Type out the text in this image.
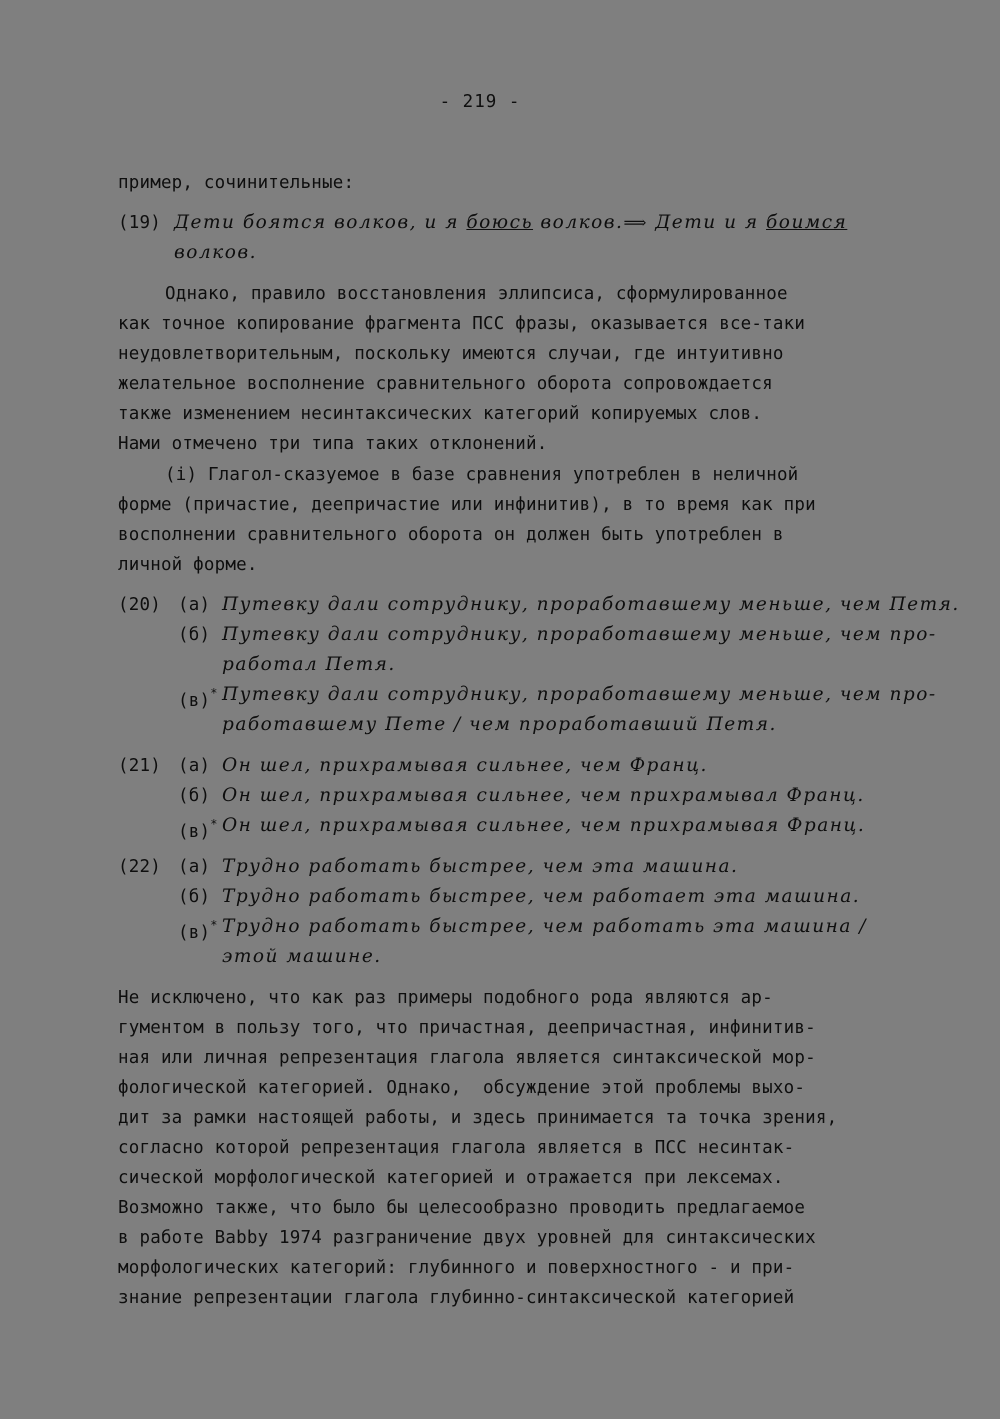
- 219 -
пример, сочинительные:
(19) Дети боятся волков, и я боюсь волков.⟹ Дети и я боимся
волков.
Однако, правило восстановления эллипсиса, сформулированное
как точное копирование фрагмента ПСС фразы, оказывается все-таки
неудовлетворительным, поскольку имеются случаи, где интуитивно
желательное восполнение сравнительного оборота сопровождается
также изменением несинтаксических категорий копируемых слов.
Нами отмечено три типа таких отклонений.
(i) Глагол-сказуемое в базе сравнения употреблен в неличной
форме (причастие, деепричастие или инфинитив), в то время как при
восполнении сравнительного оборота он должен быть употреблен в
личной форме.
(20) (а) Путевку дали сотруднику, проработавшему меньше, чем Петя.
(б) Путевку дали сотруднику, проработавшему меньше, чем про-
работал Петя.
(в)* Путевку дали сотруднику, проработавшему меньше, чем про-
работавшему Пете / чем проработавший Петя.
(21) (а) Он шел, прихрамывая сильнее, чем Франц.
(б) Он шел, прихрамывая сильнее, чем прихрамывал Франц.
(в)* Он шел, прихрамывая сильнее, чем прихрамывая Франц.
(22) (а) Трудно работать быстрее, чем эта машина.
(б) Трудно работать быстрее, чем работает эта машина.
(в)* Трудно работать быстрее, чем работать эта машина /
этой машине.
Не исключено, что как раз примеры подобного рода являются ар-
гументом в пользу того, что причастная, деепричастная, инфинитив-
ная или личная репрезентация глагола является синтаксической мор-
фологической категорией. Однако,  обсуждение этой проблемы выхо-
дит за рамки настоящей работы, и здесь принимается та точка зрения,
согласно которой репрезентация глагола является в ПСС несинтак-
сической морфологической категорией и отражается при лексемах.
Возможно также, что было бы целесообразно проводить предлагаемое
в работе Babby 1974 разграничение двух уровней для синтаксических
морфологических категорий: глубинного и поверхностного - и при-
знание репрезентации глагола глубинно-синтаксической категорией
